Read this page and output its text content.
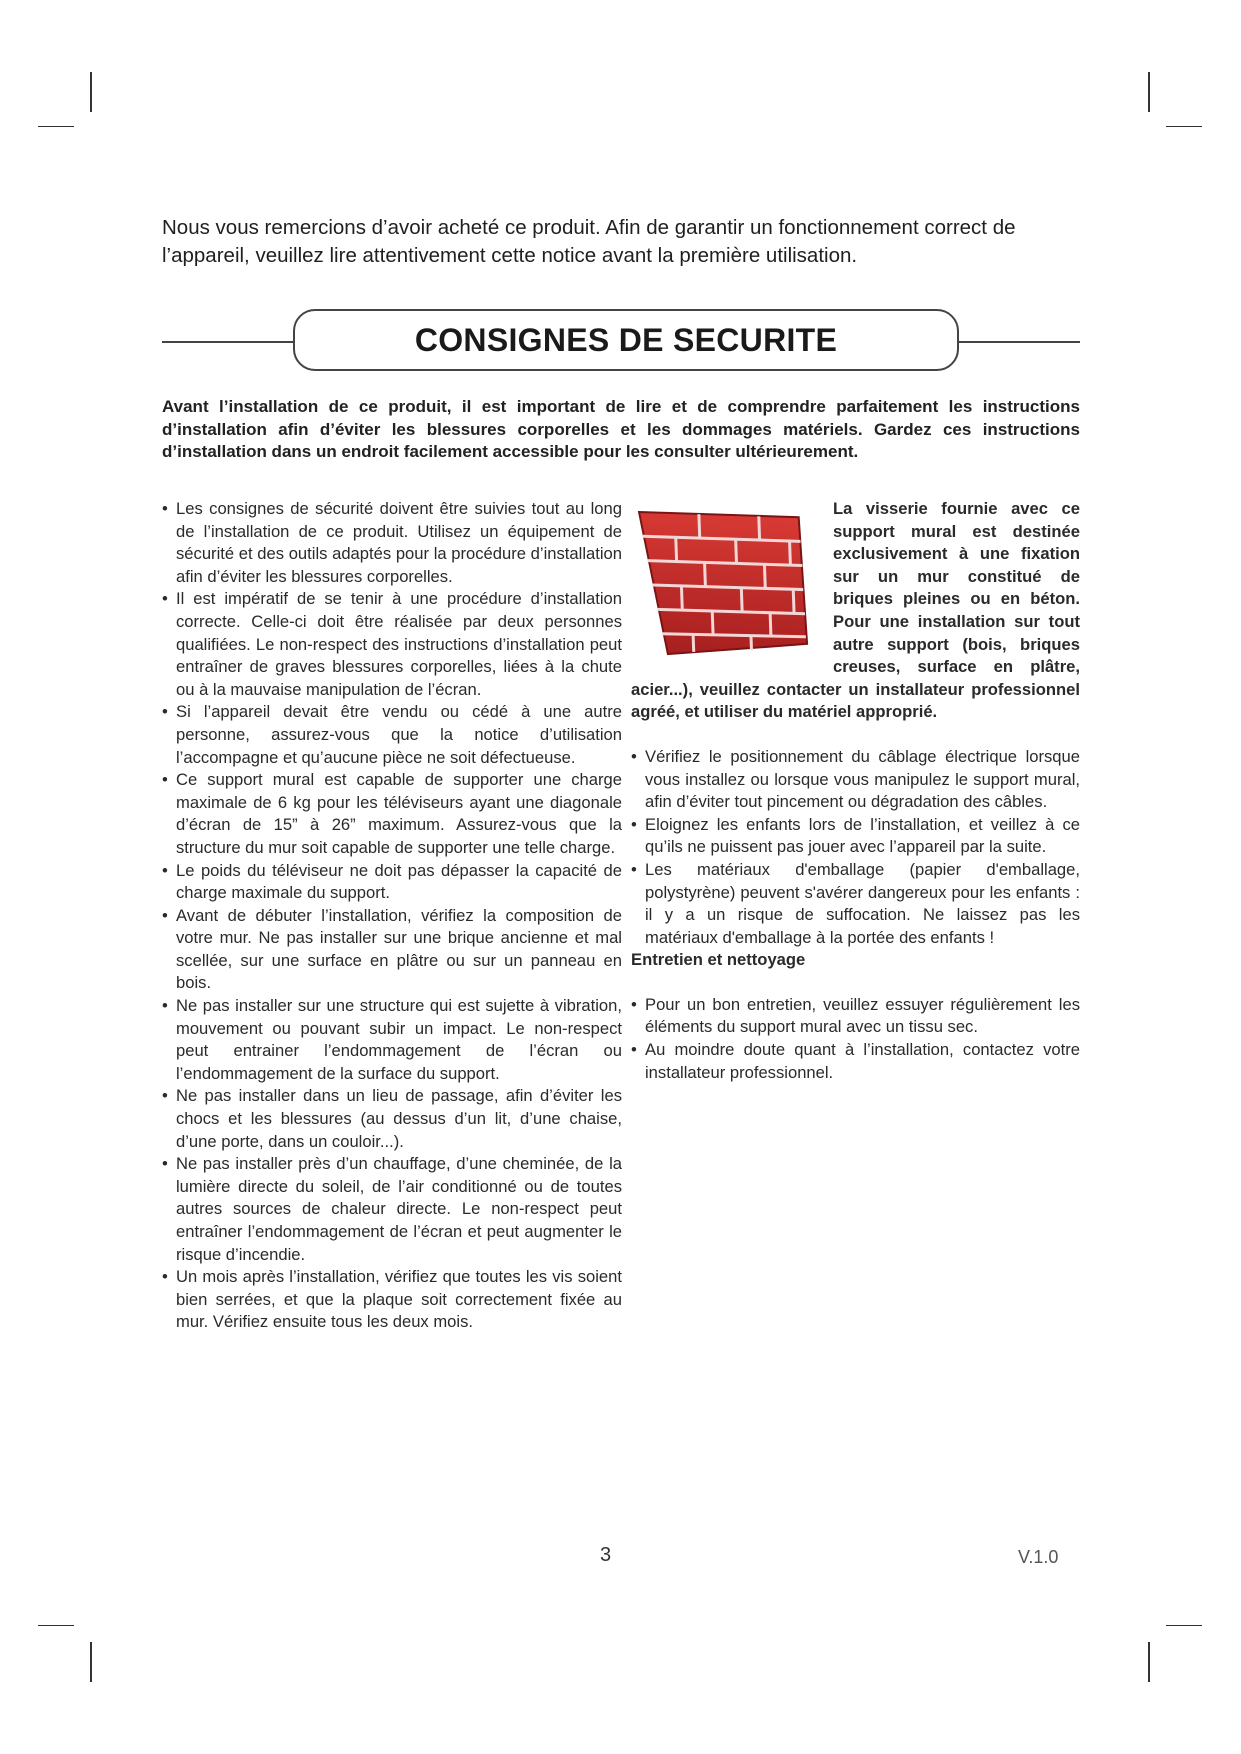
Nous vous remercions d’avoir acheté ce produit. Afin de garantir un fonctionnement correct de l’appareil, veuillez lire attentivement cette notice avant la première utilisation.

CONSIGNES DE SECURITE

Avant l’installation de ce produit, il est important de lire et de comprendre parfaitement les instructions d’installation afin d’éviter les blessures corporelles et les dommages matériels. Gardez ces instructions d’installation dans un endroit facilement accessible pour les consulter ultérieurement.

• Les consignes de sécurité doivent être suivies tout au long de l’installation de ce produit. Utilisez un équipement de sécurité et des outils adaptés pour la procédure d’installation afin d’éviter les blessures corporelles.
• Il est impératif de se tenir à une procédure d’installation correcte. Celle-ci doit être réalisée par deux personnes qualifiées. Le non-respect des instructions d’installation peut entraîner de graves blessures corporelles, liées à la chute ou à la mauvaise manipulation de l’écran.
• Si l’appareil devait être vendu ou cédé à une autre personne, assurez-vous que la notice d’utilisation l’accompagne et qu’aucune pièce ne soit défectueuse.
• Ce support mural est capable de supporter une charge maximale de 6 kg pour les téléviseurs ayant une diagonale d’écran de 15” à 26” maximum. Assurez-vous que la structure du mur soit capable de supporter une telle charge.
• Le poids du téléviseur ne doit pas dépasser la capacité de charge maximale du support.
• Avant de débuter l’installation, vérifiez la composition de votre mur. Ne pas installer sur une brique ancienne et mal scellée, sur une surface en plâtre ou sur un panneau en bois.
• Ne pas installer sur une structure qui est sujette à vibration, mouvement ou pouvant subir un impact. Le non-respect peut entrainer l’endommagement de l’écran ou l’endommagement de la surface du support.
• Ne pas installer dans un lieu de passage, afin d’éviter les chocs et les blessures (au dessus d’un lit, d’une chaise, d’une porte, dans un couloir...).
• Ne pas installer près d’un chauffage, d’une cheminée, de la lumière directe du soleil, de l’air conditionné ou de toutes autres sources de chaleur directe. Le non-respect peut entraîner l’endommagement de l’écran et peut augmenter le risque d’incendie.
• Un mois après l’installation, vérifiez que toutes les vis soient bien serrées, et que la plaque soit correctement fixée au mur. Vérifiez ensuite tous les deux mois.

La visserie fournie avec ce support mural est destinée exclusivement à une fixation sur un mur constitué de briques pleines ou en béton. Pour une installation sur tout autre support (bois, briques creuses, surface en plâtre, acier...), veuillez contacter un installateur professionnel agréé, et utiliser du matériel approprié.

• Vérifiez le positionnement du câblage électrique lorsque vous installez ou lorsque vous manipulez le support mural, afin d’éviter tout pincement ou dégradation des câbles.
• Eloignez les enfants lors de l’installation, et veillez à ce qu’ils ne puissent pas jouer avec l’appareil par la suite.
• Les matériaux d'emballage (papier d'emballage, polystyrène) peuvent s'avérer dangereux pour les enfants : il y a un risque de suffocation. Ne laissez pas les matériaux d'emballage à la portée des enfants !

Entretien et nettoyage

• Pour un bon entretien, veuillez essuyer régulièrement les éléments du support mural avec un tissu sec.
• Au moindre doute quant à l’installation, contactez votre installateur professionnel.
3	V.1.0
